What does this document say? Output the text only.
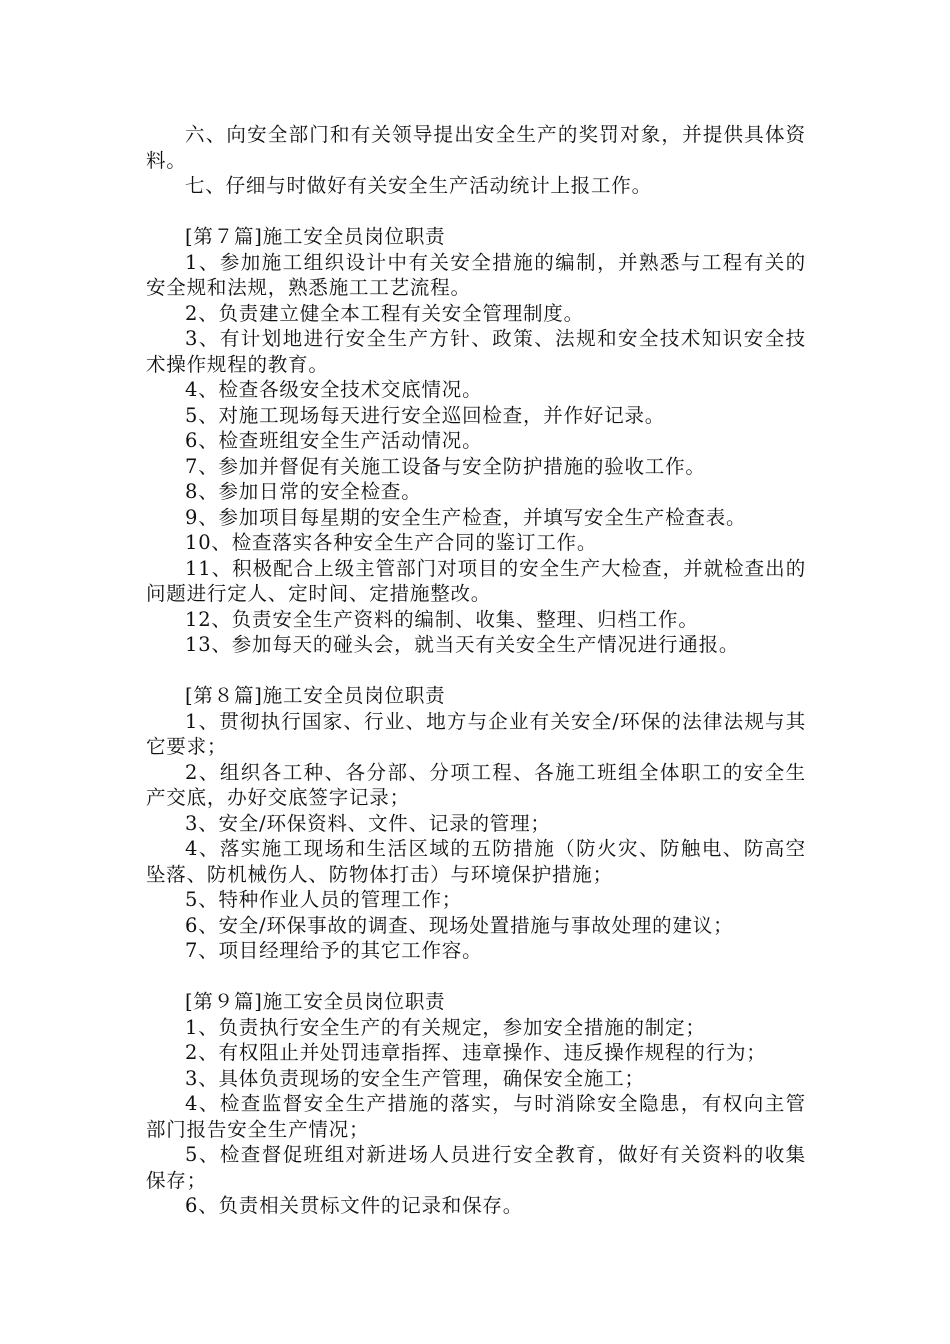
六、向安全部门和有关领导提出安全生产的奖罚对象，并提供具体资料。

七、仔细与时做好有关安全生产活动统计上报工作。

[第７篇]施工安全员岗位职责

1、参加施工组织设计中有关安全措施的编制，并熟悉与工程有关的安全规和法规，熟悉施工工艺流程。

2、负责建立健全本工程有关安全管理制度。

3、有计划地进行安全生产方针、政策、法规和安全技术知识安全技术操作规程的教育。

4、检查各级安全技术交底情况。

5、对施工现场每天进行安全巡回检查，并作好记录。

6、检查班组安全生产活动情况。

7、参加并督促有关施工设备与安全防护措施的验收工作。

8、参加日常的安全检查。

9、参加项目每星期的安全生产检查，并填写安全生产检查表。

10、检查落实各种安全生产合同的鉴订工作。

11、积极配合上级主管部门对项目的安全生产大检查，并就检查出的问题进行定人、定时间、定措施整改。

12、负责安全生产资料的编制、收集、整理、归档工作。

13、参加每天的碰头会，就当天有关安全生产情况进行通报。

[第８篇]施工安全员岗位职责

1、贯彻执行国家、行业、地方与企业有关安全/环保的法律法规与其它要求；

2、组织各工种、各分部、分项工程、各施工班组全体职工的安全生产交底，办好交底签字记录；

3、安全/环保资料、文件、记录的管理；

4、落实施工现场和生活区域的五防措施（防火灾、防触电、防高空坠落、防机械伤人、防物体打击）与环境保护措施；

5、特种作业人员的管理工作；

6、安全/环保事故的调查、现场处置措施与事故处理的建议；

7、项目经理给予的其它工作容。

[第９篇]施工安全员岗位职责

1、负责执行安全生产的有关规定，参加安全措施的制定；

2、有权阻止并处罚违章指挥、违章操作、违反操作规程的行为；

3、具体负责现场的安全生产管理，确保安全施工；

4、检查监督安全生产措施的落实，与时消除安全隐患，有权向主管部门报告安全生产情况；

5、检查督促班组对新进场人员进行安全教育，做好有关资料的收集保存；

6、负责相关贯标文件的记录和保存。
